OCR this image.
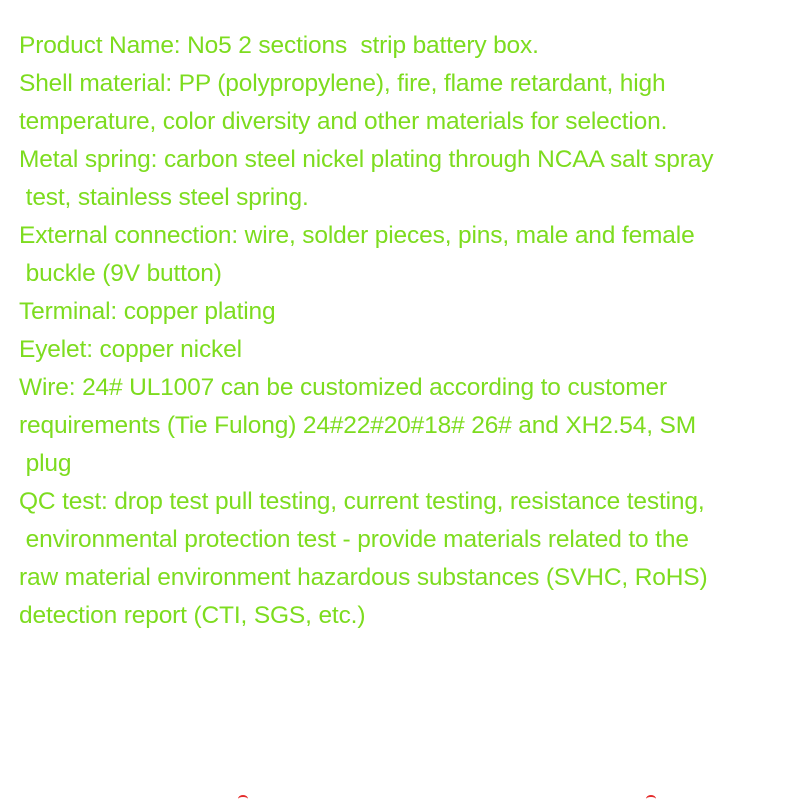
Product Name: No5 2 sections  strip battery box.
Shell material: PP (polypropylene), fire, flame retardant, high
temperature, color diversity and other materials for selection.
Metal spring: carbon steel nickel plating through NCAA salt spray
test, stainless steel spring.
External connection: wire, solder pieces, pins, male and female
buckle (9V button)
Terminal: copper plating
Eyelet: copper nickel
Wire: 24# UL1007 can be customized according to customer
requirements (Tie Fulong) 24#22#20#18# 26# and XH2.54, SM
plug
QC test: drop test pull testing, current testing, resistance testing,
environmental protection test - provide materials related to the
raw material environment hazardous substances (SVHC, RoHS)
detection report (CTI, SGS, etc.)
